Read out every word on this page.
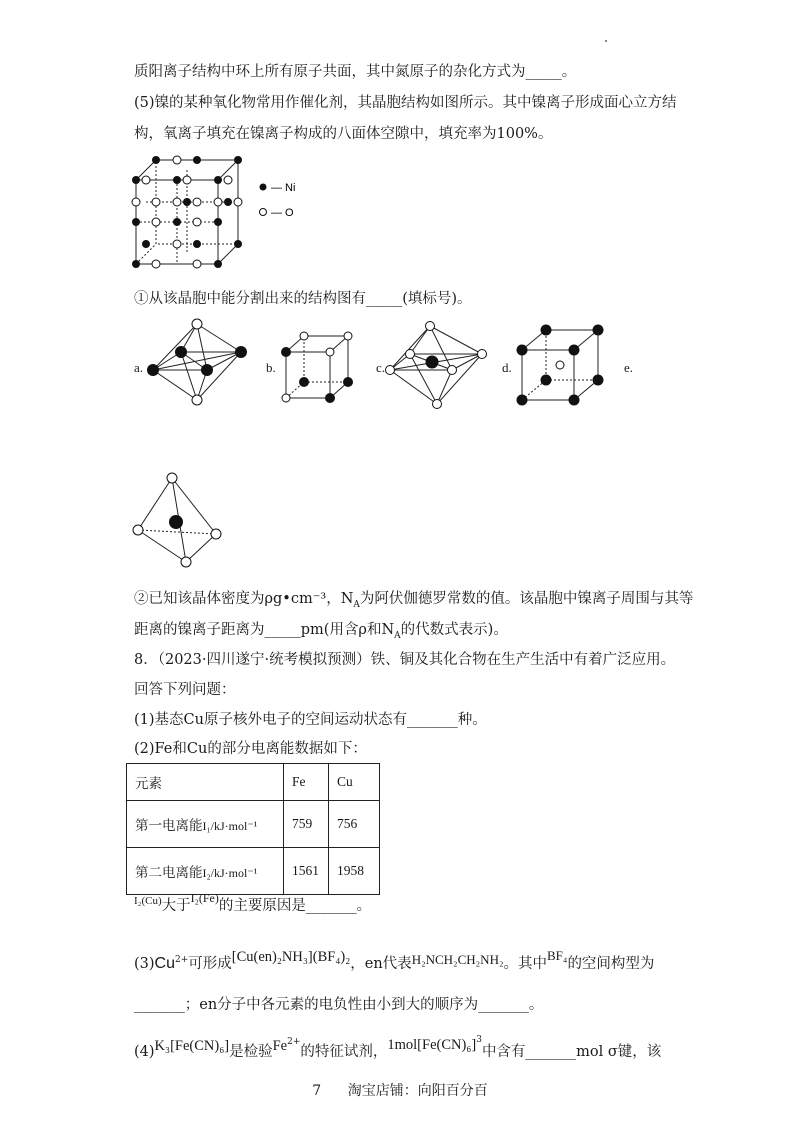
质阳离子结构中环上所有原子共面，其中氮原子的杂化方式为_____。
(5)镍的某种氧化物常用作催化剂，其晶胞结构如图所示。其中镍离子形成面心立方结
构，氧离子填充在镍离子构成的八面体空隙中，填充率为100%。
— Ni
— O
①从该晶胞中能分割出来的结构图有_____(填标号)。
a.	b.	c.	d.	e.
②已知该晶体密度为ρg•cm⁻³，$N_A$为阿伏伽德罗常数的值。该晶胞中镍离子周围与其等
距离的镍离子距离为_____pm(用含ρ和$N_A$的代数式表示)。
8．（2023·四川遂宁·统考模拟预测）铁、铜及其化合物在生产生活中有着广泛应用。
回答下列问题：
(1)基态Cu原子核外电子的空间运动状态有_______种。
(2)Fe和Cu的部分电离能数据如下：
元素	Fe	Cu
第一电离能I₁/kJ·mol⁻¹	759	756
第二电离能I₂/kJ·mol⁻¹	1561	1958
$^{I_2(Cu)}$大于$^{I_2(Fe)}$的主要原因是_______。
$(3)Cu^{2+}$可形成[Cu(en)₂NH₃](BF₄)₂，en代表H₂NCH₂CH₂NH₂。其中BF₄的空间构型为
_______；en分子中各元素的电负性由小到大的顺序为_______。
(4)K₃[Fe(CN)₆]是检验$Fe^{2+}$的特征试剂，$1mol[Fe(CN)_6]^3$中含有_______mol σ键，该
7      淘宝店铺：向阳百分百
